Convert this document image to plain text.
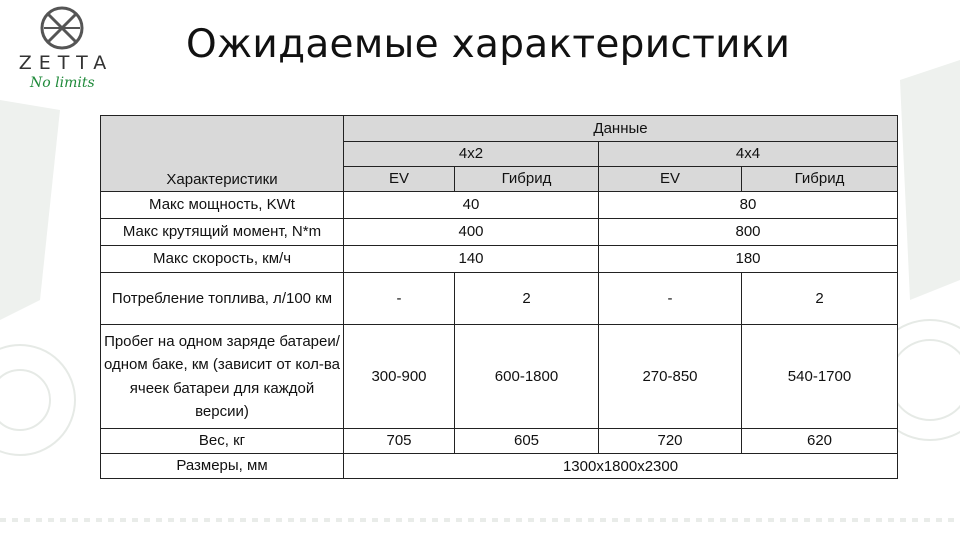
ZETTA
No limits
Ожидаемые характеристики
Характеристики	Данные			
	4x2		4x4	
	EV	Гибрид	EV	Гибрид
Макс мощность, KWt	40		80	
Макс крутящий момент, N*m	400		800	
Макс скорость, км/ч	140		180	
Потребление топлива, л/100 км	-	2	-	2
Пробег на одном заряде батареи/ одном баке, км (зависит от кол-ва ячеек батареи для каждой версии)	300-900	600-1800	270-850	540-1700
Вес, кг	705	605	720	620
Размеры, мм	1300x1800x2300			
